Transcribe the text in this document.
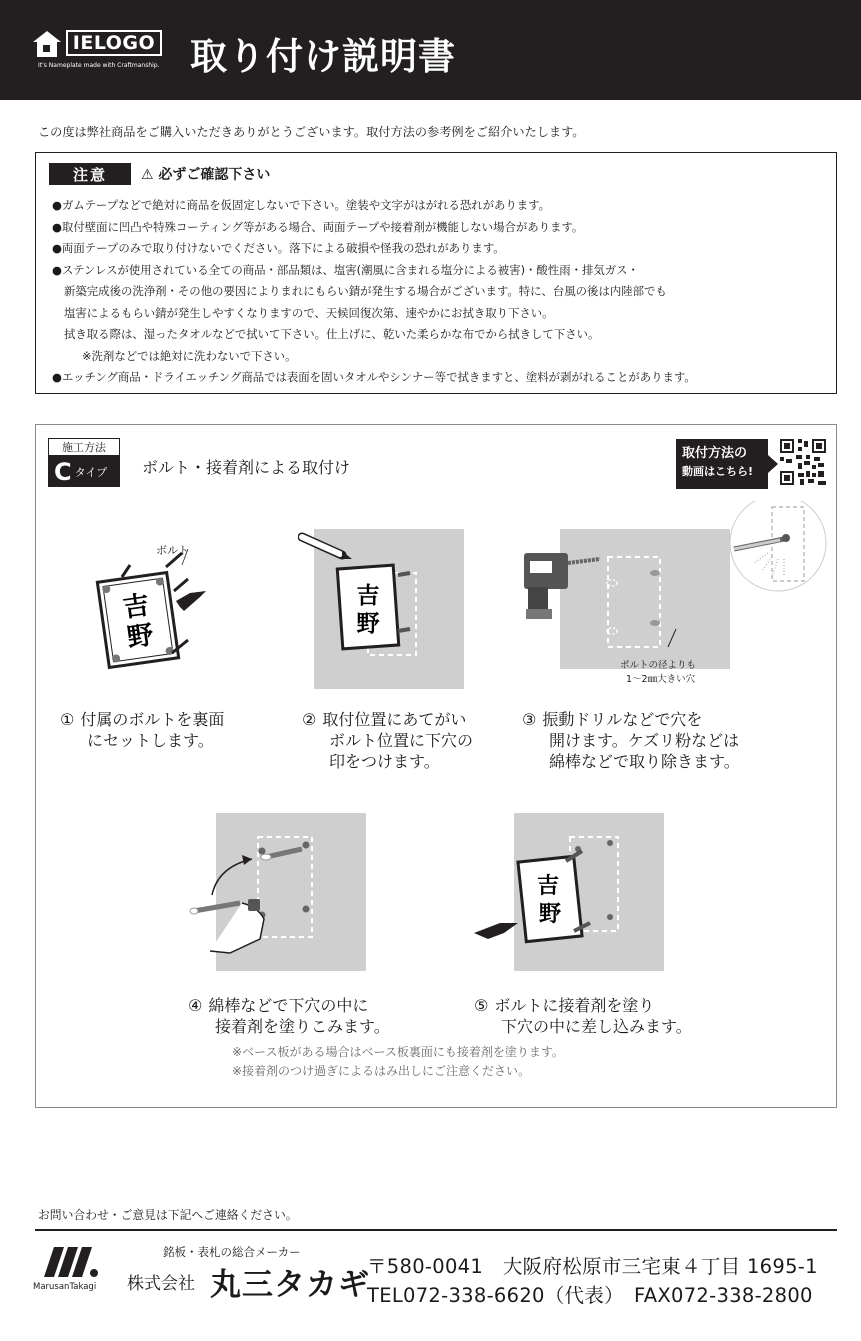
IELOGO
It's Nameplate made with Craftmanship. 取り付け説明書
この度は弊社商品をご購入いただきありがとうございます。取付方法の参考例をご紹介いたします。
注意	⚠ 必ずご確認下さい
●ガムテープなどで絶対に商品を仮固定しないで下さい。塗装や文字がはがれる恐れがあります。
●取付壁面に凹凸や特殊コーティング等がある場合、両面テープや接着剤が機能しない場合があります。
●両面テープのみで取り付けないでください。落下による破損や怪我の恐れがあります。
●ステンレスが使用されている全ての商品・部品類は、塩害(潮風に含まれる塩分による被害)・酸性雨・排気ガス・
新築完成後の洗浄剤・その他の要因によりまれにもらい錆が発生する場合がございます。特に、台風の後は内陸部でも
塩害によるもらい錆が発生しやすくなりますので、天候回復次第、速やかにお拭き取り下さい。
拭き取る際は、湿ったタオルなどで拭いて下さい。仕上げに、乾いた柔らかな布でから拭きして下さい。
※洗剤などでは絶対に洗わないで下さい。
●エッチング商品・ドライエッチング商品では表面を固いタオルやシンナー等で拭きますと、塗料が剥がれることがあります。
施工方法
C タイプ ボルト・接着剤による取付け
取付方法の
動画はこちら!
吉
野
ボルト
吉
野
ボルトの径よりも
1〜2㎜大きい穴
① 付属のボルトを裏面
にセットします。
② 取付位置にあてがい
ボルト位置に下穴の
印をつけます。
③ 振動ドリルなどで穴を
開けます。ケズリ粉などは
綿棒などで取り除きます。
吉
野
④ 綿棒などで下穴の中に
接着剤を塗りこみます。
⑤ ボルトに接着剤を塗り
下穴の中に差し込みます。
※ベース板がある場合はベース板裏面にも接着剤を塗ります。
※接着剤のつけ過ぎによるはみ出しにご注意ください。
お問い合わせ・ご意見は下記へご連絡ください。
MarusanTakagi
銘板・表札の総合メーカー
株式会社 丸三タカギ
〒580-0041　大阪府松原市三宅東４丁目 1695-1
TEL072-338-6620（代表）　FAX072-338-2800
